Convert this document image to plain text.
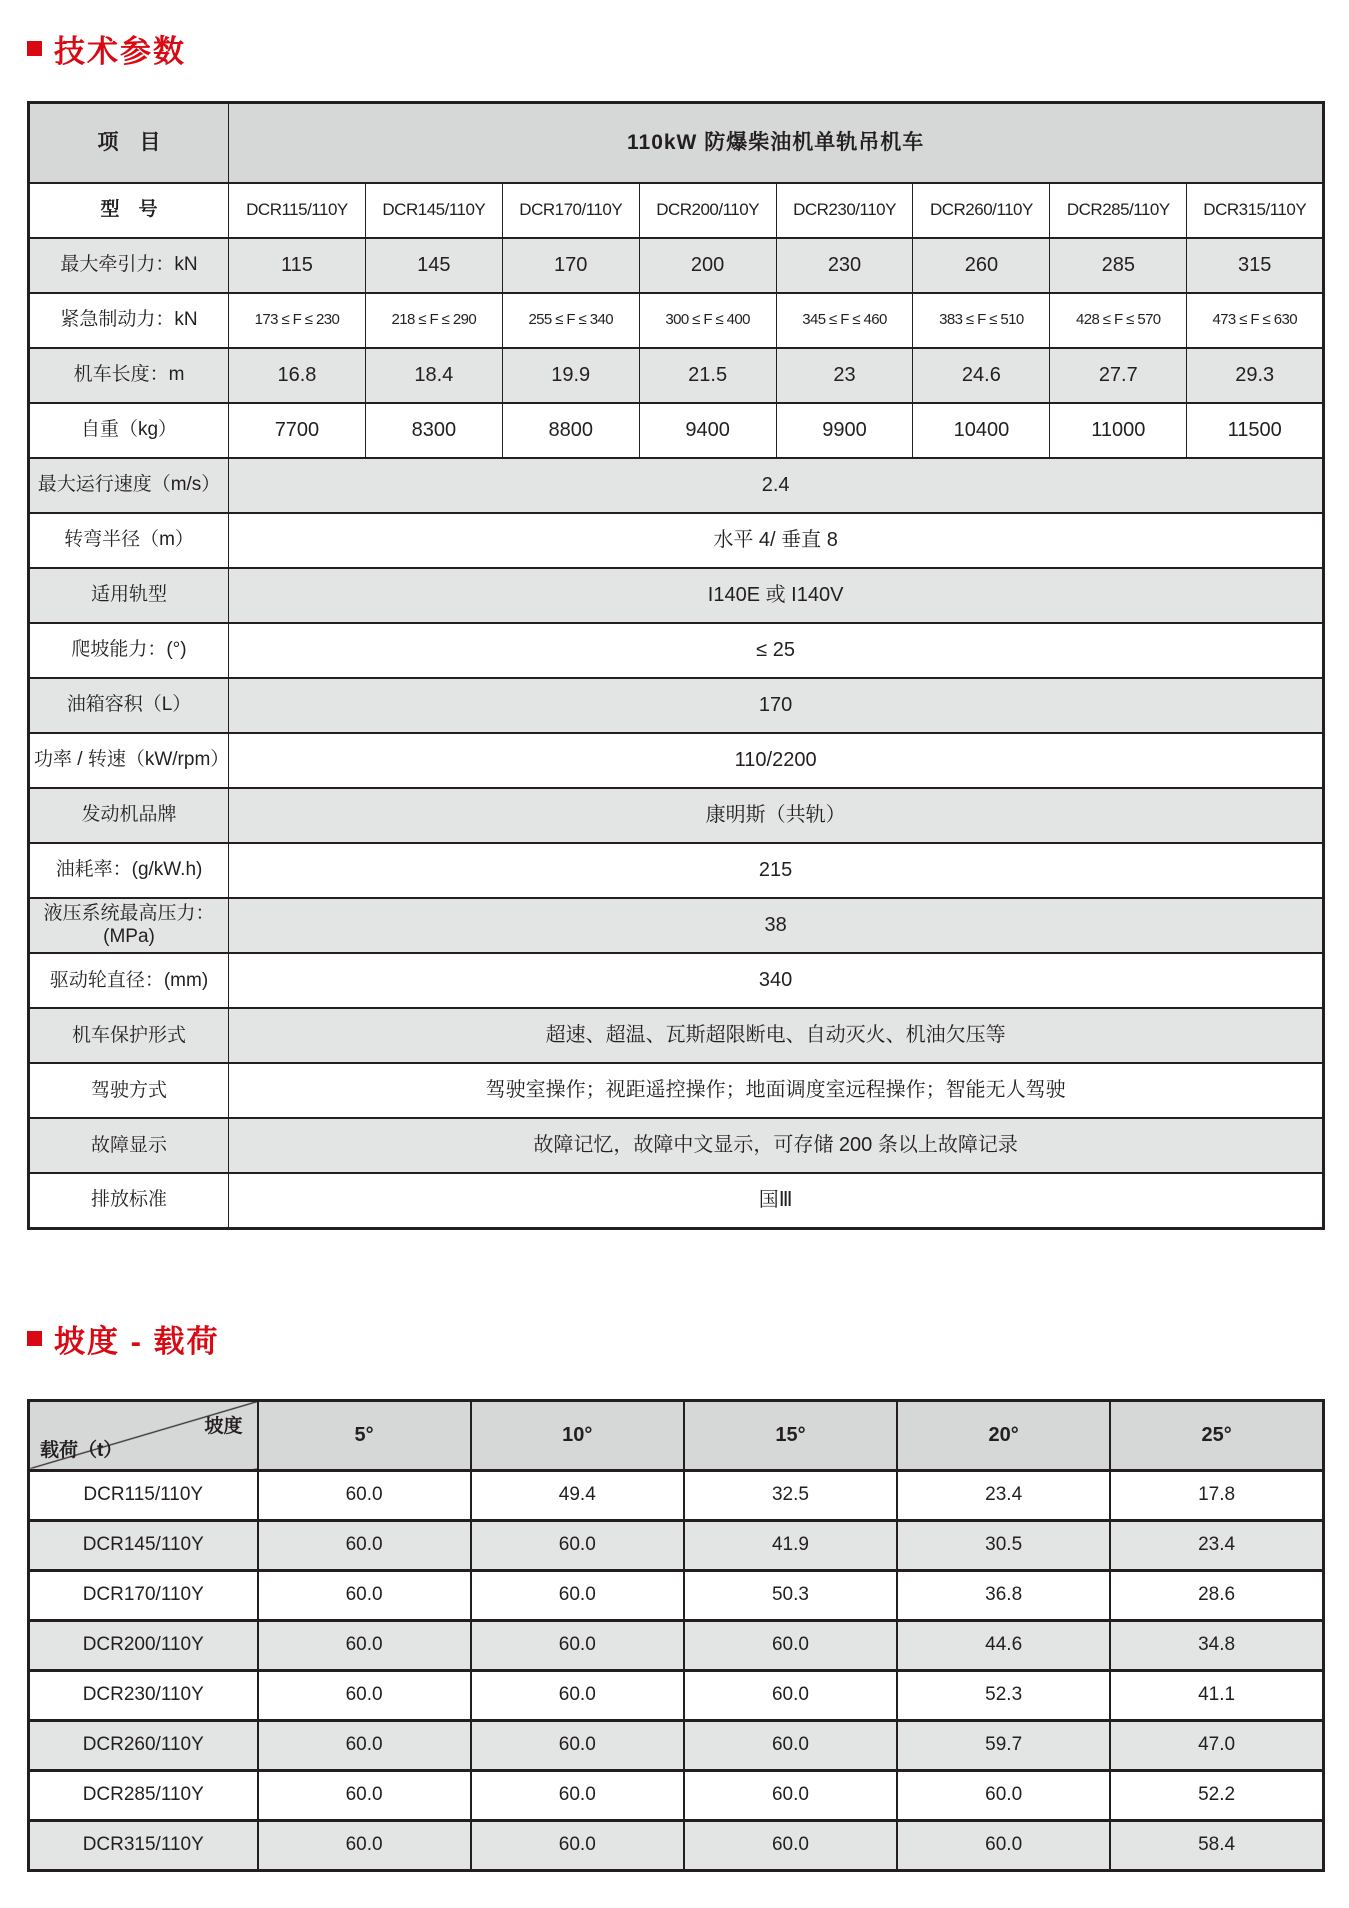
技术参数
项　目	110kW 防爆柴油机单轨吊机车							
型　号	DCR115/110Y	DCR145/110Y	DCR170/110Y	DCR200/110Y	DCR230/110Y	DCR260/110Y	DCR285/110Y	DCR315/110Y
最大牵引力：kN	115	145	170	200	230	260	285	315
紧急制动力：kN	173 ≤ F ≤ 230	218 ≤ F ≤ 290	255 ≤ F ≤ 340	300 ≤ F ≤ 400	345 ≤ F ≤ 460	383 ≤ F ≤ 510	428 ≤ F ≤ 570	473 ≤ F ≤ 630
机车长度：m	16.8	18.4	19.9	21.5	23	24.6	27.7	29.3
自重（kg）	7700	8300	8800	9400	9900	10400	11000	11500
最大运行速度（m/s）	2.4							
转弯半径（m）	水平 4/ 垂直 8							
适用轨型	I140E 或 I140V							
爬坡能力：(°)	≤ 25							
油箱容积（L）	170							
功率 / 转速（kW/rpm）	110/2200							
发动机品牌	康明斯（共轨）							
油耗率：(g/kW.h)	215							
液压系统最高压力：(MPa)	38							
驱动轮直径：(mm)	340							
机车保护形式	超速、超温、瓦斯超限断电、自动灭火、机油欠压等							
驾驶方式	驾驶室操作；视距遥控操作；地面调度室远程操作；智能无人驾驶							
故障显示	故障记忆，故障中文显示，可存储 200 条以上故障记录							
排放标准	国Ⅲ							
坡度 - 载荷
坡度
载荷（t）	5°	10°	15°	20°	25°
DCR115/110Y	60.0	49.4	32.5	23.4	17.8
DCR145/110Y	60.0	60.0	41.9	30.5	23.4
DCR170/110Y	60.0	60.0	50.3	36.8	28.6
DCR200/110Y	60.0	60.0	60.0	44.6	34.8
DCR230/110Y	60.0	60.0	60.0	52.3	41.1
DCR260/110Y	60.0	60.0	60.0	59.7	47.0
DCR285/110Y	60.0	60.0	60.0	60.0	52.2
DCR315/110Y	60.0	60.0	60.0	60.0	58.4
